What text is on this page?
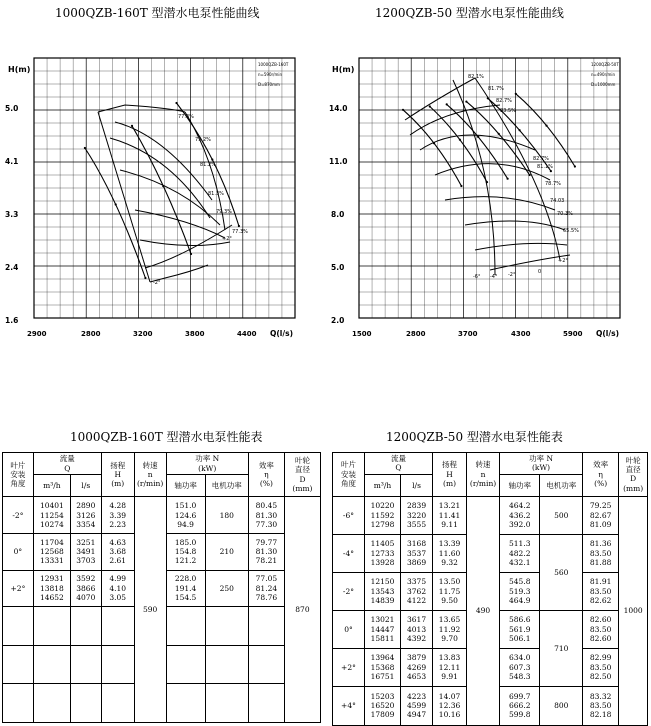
1000QZB-160T 型潜水电泵性能曲线	1200QZB-50 型潜水电泵性能曲线
H(m)
5.0
4.1
3.3
2.4
1.6
2900	2800	3200	3800	4400 Q(l/s)
1000QZB-160T
n=590r/min
D=870mm
77.3%
79.2%
81.2%
81.3%
79.3%
77.3%
-2°
+2°
H(m)
14.0
11.0
8.0
5.0
2.0
1500	2800	3700	4300	5900 Q(l/s)
1200QZB-50T
n=490r/min
D=1000mm
82.1%
81.7%
82.7%
83.5%
82.7%
81.1%
78.7%
74.03
70.3%
65.5%
-6° -4° -2°	0
+2°
1000QZB-160T 型潜水电泵性能表	1200QZB-50 型潜水电泵性能表
叶片
安装
角度	流量
Q		扬程
H
(m)	转速
n
(r/min)	功率 N
(kW)		效率
η
(%)	叶轮
直径
D
(mm)

	m³/h	l/s			轴功率	电机功率		
-2°	10401
11254
10274	2890
3126
3354	4.28
3.39
2.23	590	151.0
124.6
94.9	180	80.45
81.30
77.30	870
0°	11704
12568
13331	3251
3491
3703	4.63
3.68
2.61		185.0
154.8
121.2	210	79.77
81.30
78.21	

+2°	12931
13818
14652	3592
3866
4070	4.99
4.10
3.05		228.0
191.4
154.5	250	77.05
81.24
78.76	

叶片
安装
角度	流量
Q		扬程
H
(m)	转速
n
(r/min)	功率 N
(kW)		效率
η
(%)	叶轮
直径
D
(mm)

	m³/h	l/s			轴功率	电机功率		
-6°	10220
11592
12798	2839
3220
3555	13.21
11.41
9.11	490	464.2
436.2
392.0	500	79.25
82.67
81.09	1000
-4°	11405
12733
13928	3168
3537
3869	13.39
11.60
9.32		511.3
482.2
432.1	560	81.36
83.50
81.88	

-2°	12150
13543
14839	3375
3762
4122	13.50
11.75
9.50		545.8
519.3
464.9		81.91
83.50
82.62	

0°	13021
14447
15811	3617
4013
4392	13.65
11.92
9.70		586.6
561.9
506.1	710	82.60
83.50
82.60	

+2°	13964
15368
16751	3879
4269
4653	13.83
12.11
9.91		634.0
607.3
548.3		82.99
83.50
82.50	

+4°	15203
16520
17809	4223
4599
4947	14.07
12.36
10.16		699.7
666.2
599.8	800	83.32
83.50
82.18	
